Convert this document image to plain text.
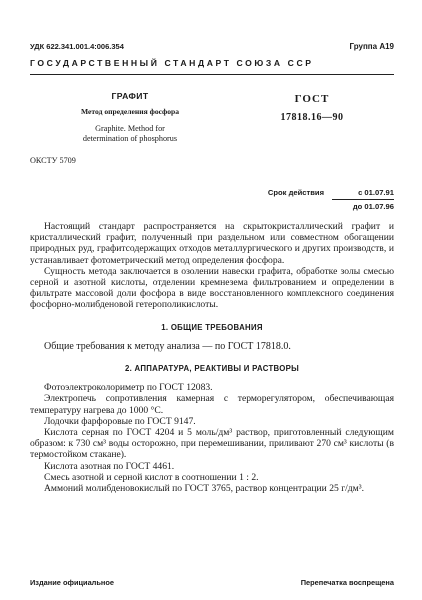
УДК 622.341.001.4:006.354	Группа А19
ГОСУДАРСТВЕННЫЙ СТАНДАРТ СОЮЗА ССР
ГРАФИТ
Метод определения фосфора
Graphite. Method for
determination of phosphorus
ГОСТ
17818.16—90
ОКСТУ 5709
Срок действия	с 01.07.91
до 01.07.96

Настоящий стандарт распространяется на скрытокристаллический графит и кристаллический графит, полученный при раздельном или совместном обогащении природных руд, графитсодержащих отходов металлургического и других производств, и устанавливает фотометрический метод определения фосфора.

Сущность метода заключается в озолении навески графита, обработке золы смесью серной и азотной кислоты, отделении кремнезема фильтрованием и определении в фильтрате массовой доли фосфора в виде восстановленного комплексного соединения фосфорно-молибденовой гетерополикислоты.

1. ОБЩИЕ ТРЕБОВАНИЯ

Общие требования к методу анализа — по ГОСТ 17818.0.

2. АППАРАТУРА, РЕАКТИВЫ И РАСТВОРЫ

Фотоэлектроколориметр по ГОСТ 12083.

Электропечь сопротивления камерная с терморегулятором, обеспечивающая температуру нагрева до 1000 °С.

Лодочки фарфоровые по ГОСТ 9147.

Кислота серная по ГОСТ 4204 и 5 моль/дм³ раствор, приготовленный следующим образом: к 730 см³ воды осторожно, при перемешивании, приливают 270 см³ кислоты (в термостойком стакане).

Кислота азотная по ГОСТ 4461.

Смесь азотной и серной кислот в соотношении 1 : 2.

Аммоний молибденовокислый по ГОСТ 3765, раствор концентрации 25 г/дм³.

Издание официальное	Перепечатка воспрещена
